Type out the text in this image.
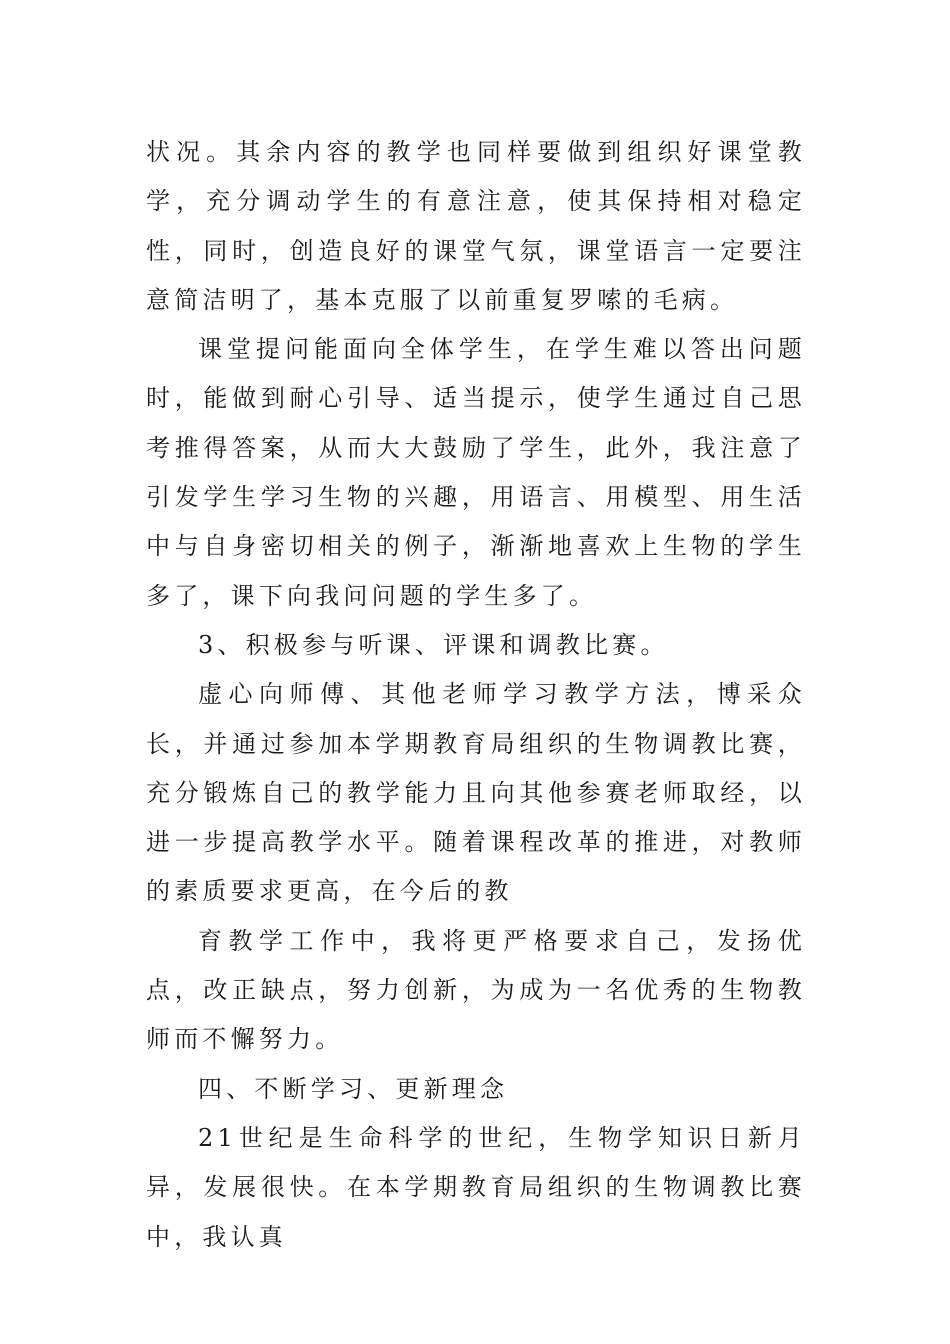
状况。其余内容的教学也同样要做到组织好课堂教学，充分调动学生的有意注意，使其保持相对稳定性，同时，创造良好的课堂气氛，课堂语言一定要注意简洁明了，基本克服了以前重复罗嗦的毛病。

课堂提问能面向全体学生，在学生难以答出问题时，能做到耐心引导、适当提示，使学生通过自己思考推得答案，从而大大鼓励了学生，此外，我注意了引发学生学习生物的兴趣，用语言、用模型、用生活中与自身密切相关的例子，渐渐地喜欢上生物的学生多了，课下向我问问题的学生多了。

3、积极参与听课、评课和调教比赛。

虚心向师傅、其他老师学习教学方法，博采众长，并通过参加本学期教育局组织的生物调教比赛，充分锻炼自己的教学能力且向其他参赛老师取经，以进一步提高教学水平。随着课程改革的推进，对教师的素质要求更高，在今后的教

育教学工作中，我将更严格要求自己，发扬优点，改正缺点，努力创新，为成为一名优秀的生物教师而不懈努力。

四、不断学习、更新理念

21世纪是生命科学的世纪，生物学知识日新月异，发展很快。在本学期教育局组织的生物调教比赛中，我认真
